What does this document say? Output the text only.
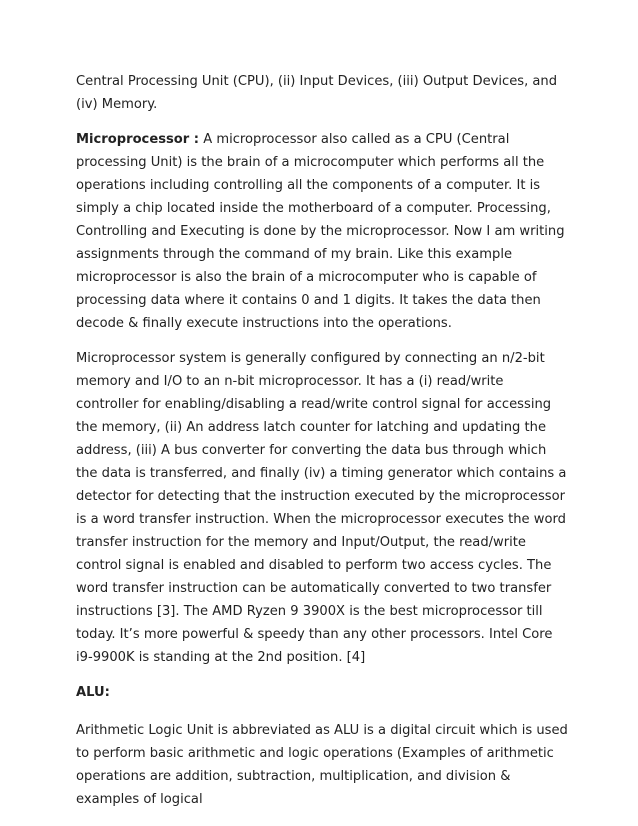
Central Processing Unit (CPU), (ii) Input Devices, (iii) Output Devices, and (iv) Memory.

Microprocessor : A microprocessor also called as a CPU (Central processing Unit) is the brain of a microcomputer which performs all the operations including controlling all the components of a computer. It is simply a chip located inside the motherboard of a computer. Processing, Controlling and Executing is done by the microprocessor. Now I am writing assignments through the command of my brain. Like this example microprocessor is also the brain of a microcomputer who is capable of processing data where it contains 0 and 1 digits. It takes the data then decode & finally execute instructions into the operations.

Microprocessor system is generally configured by connecting an n/2-bit memory and I/O to an n-bit microprocessor. It has a (i) read/write controller for enabling/disabling a read/write control signal for accessing the memory, (ii) An address latch counter for latching and updating the address, (iii) A bus converter for converting the data bus through which the data is transferred, and finally (iv) a timing generator which contains a detector for detecting that the instruction executed by the microprocessor is a word transfer instruction. When the microprocessor executes the word transfer instruction for the memory and Input/Output, the read/write control signal is enabled and disabled to perform two access cycles. The word transfer instruction can be automatically converted to two transfer instructions [3]. The AMD Ryzen 9 3900X is the best microprocessor till today. It’s more powerful & speedy than any other processors. Intel Core i9-9900K is standing at the 2nd position. [4]

ALU:

Arithmetic Logic Unit is abbreviated as ALU is a digital circuit which is used to perform basic arithmetic and logic operations (Examples of arithmetic operations are addition, subtraction, multiplication, and division & examples of logical
